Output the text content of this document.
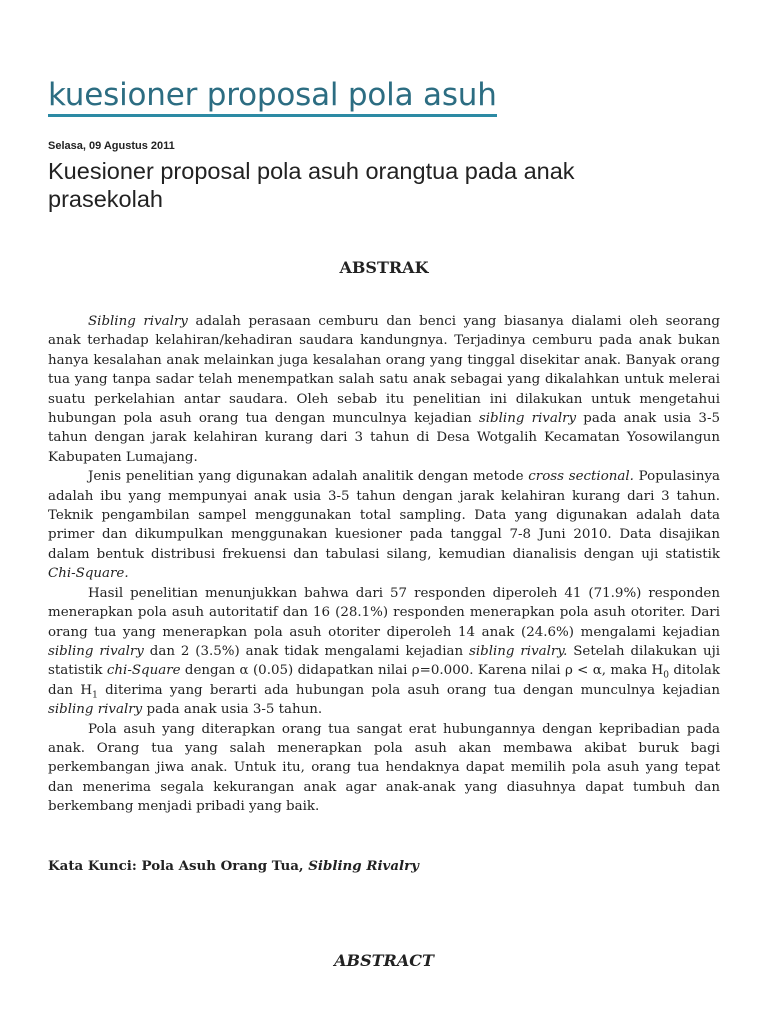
kuesioner proposal pola asuh
Selasa, 09 Agustus 2011
Kuesioner proposal pola asuh orangtua pada anak prasekolah
ABSTRAK

Sibling rivalry adalah perasaan cemburu dan benci yang biasanya dialami oleh seorang anak terhadap kelahiran/kehadiran saudara kandungnya. Terjadinya cemburu pada anak bukan hanya kesalahan anak melainkan juga kesalahan orang yang tinggal disekitar anak. Banyak orang tua yang tanpa sadar telah menempatkan salah satu anak sebagai yang dikalahkan untuk melerai suatu perkelahian antar saudara. Oleh sebab itu penelitian ini dilakukan untuk mengetahui hubungan pola asuh orang tua dengan munculnya kejadian sibling rivalry pada anak usia 3-5 tahun dengan jarak kelahiran kurang dari 3 tahun di Desa Wotgalih Kecamatan Yosowilangun Kabupaten Lumajang.

Jenis penelitian yang digunakan adalah analitik dengan metode cross sectional. Populasinya adalah ibu yang mempunyai anak usia 3-5 tahun dengan jarak kelahiran kurang dari 3 tahun. Teknik pengambilan sampel menggunakan total sampling. Data yang digunakan adalah data primer dan dikumpulkan menggunakan kuesioner pada tanggal 7-8 Juni 2010. Data disajikan dalam bentuk distribusi frekuensi dan tabulasi silang, kemudian dianalisis dengan uji statistik Chi-Square.

Hasil penelitian menunjukkan bahwa dari 57 responden diperoleh 41 (71.9%) responden menerapkan pola asuh autoritatif dan 16 (28.1%) responden menerapkan pola asuh otoriter. Dari orang tua yang menerapkan pola asuh otoriter diperoleh 14 anak (24.6%) mengalami kejadian sibling rivalry dan 2 (3.5%) anak tidak mengalami kejadian sibling rivalry. Setelah dilakukan uji statistik chi-Square dengan α (0.05) didapatkan nilai ρ=0.000. Karena nilai ρ < α, maka $H_0$ ditolak dan $H_1$ diterima yang berarti ada hubungan pola asuh orang tua dengan munculnya kejadian sibling rivalry pada anak usia 3-5 tahun.

Pola asuh yang diterapkan orang tua sangat erat hubungannya dengan kepribadian pada anak. Orang tua yang salah menerapkan pola asuh akan membawa akibat buruk bagi perkembangan jiwa anak. Untuk itu, orang tua hendaknya dapat memilih pola asuh yang tepat dan menerima segala kekurangan anak agar anak-anak yang diasuhnya dapat tumbuh dan berkembang menjadi pribadi yang baik.

Kata Kunci: Pola Asuh Orang Tua, Sibling Rivalry
ABSTRACT
